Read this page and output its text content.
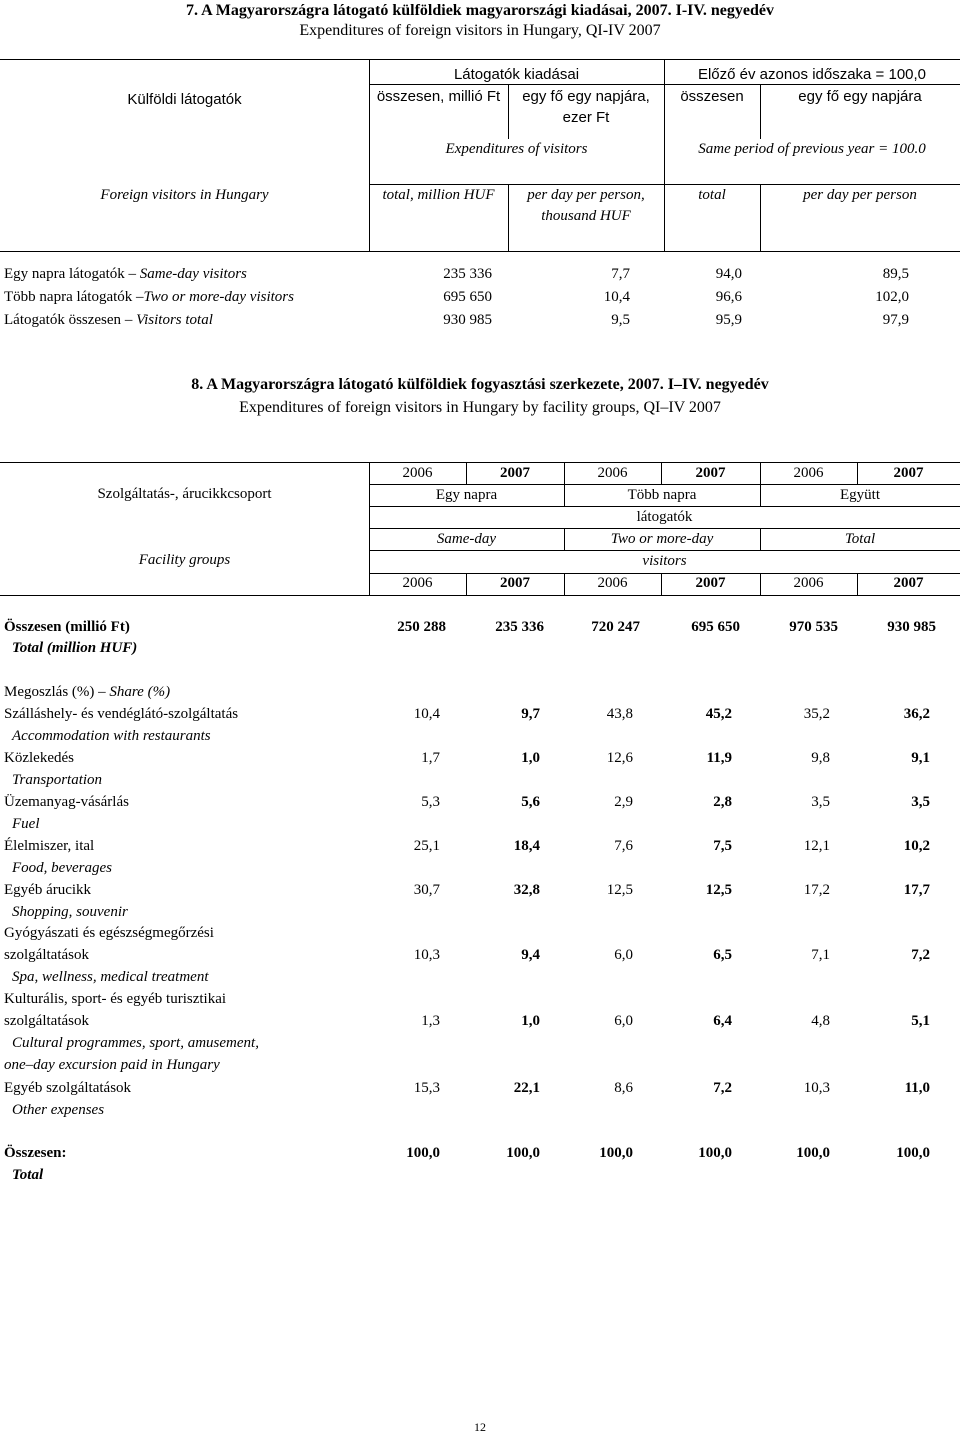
7. A Magyarországra látogató külföldiek magyarországi kiadásai, 2007. I-IV. negyedév
Expenditures of foreign visitors in Hungary, QI-IV 2007
Külföldi látogatók
Foreign visitors in Hungary
Látogatók kiadásai	Előző év azonos időszaka = 100,0
összesen, millió Ft	egy fő egy napjára,
ezer Ft
összesen	egy fő egy napjára
Expenditures of visitors	Same period of previous year = 100.0
total, million HUF	per day per person,
thousand HUF
total	per day per person
Egy napra látogatók – Same-day visitors	235 336	7,7	94,0	89,5
Több napra látogatók –Two or more-day visitors	695 650	10,4	96,6	102,0
Látogatók összesen – Visitors total	930 985	9,5	95,9	97,9
8. A Magyarországra látogató külföldiek fogyasztási szerkezete, 2007. I–IV. negyedév
Expenditures of foreign visitors in Hungary by facility groups, QI–IV 2007
Szolgáltatás-, árucikkcsoport
Facility groups
2006	2007	2006	2007	2006	2007
Egy napra	Több napra	Együtt
látogatók
Same-day	Two or more-day	Total
visitors
2006	2007	2006	2007	2006	2007
Összesen (millió Ft)
Total (million HUF)
250 288	235 336	720 247	695 650	970 535	930 985
Megoszlás (%) – Share (%)
Szálláshely- és vendéglátó-szolgáltatás
Accommodation with restaurants
10,4	9,7	43,8	45,2	35,2	36,2
Közlekedés
Transportation
1,7	1,0	12,6	11,9	9,8	9,1
Üzemanyag-vásárlás
Fuel
5,3	5,6	2,9	2,8	3,5	3,5
Élelmiszer, ital
Food, beverages
25,1	18,4	7,6	7,5	12,1	10,2
Egyéb árucikk
Shopping, souvenir
30,7	32,8	12,5	12,5	17,2	17,7
Gyógyászati és egészségmegőrzési
szolgáltatások
Spa, wellness, medical treatment
10,3	9,4	6,0	6,5	7,1	7,2
Kulturális, sport- és egyéb turisztikai
szolgáltatások
Cultural programmes, sport, amusement,
one–day excursion paid in Hungary
1,3	1,0	6,0	6,4	4,8	5,1
Egyéb szolgáltatások
Other expenses
15,3	22,1	8,6	7,2	10,3	11,0
Összesen:
Total
100,0	100,0	100,0	100,0	100,0	100,0
12
